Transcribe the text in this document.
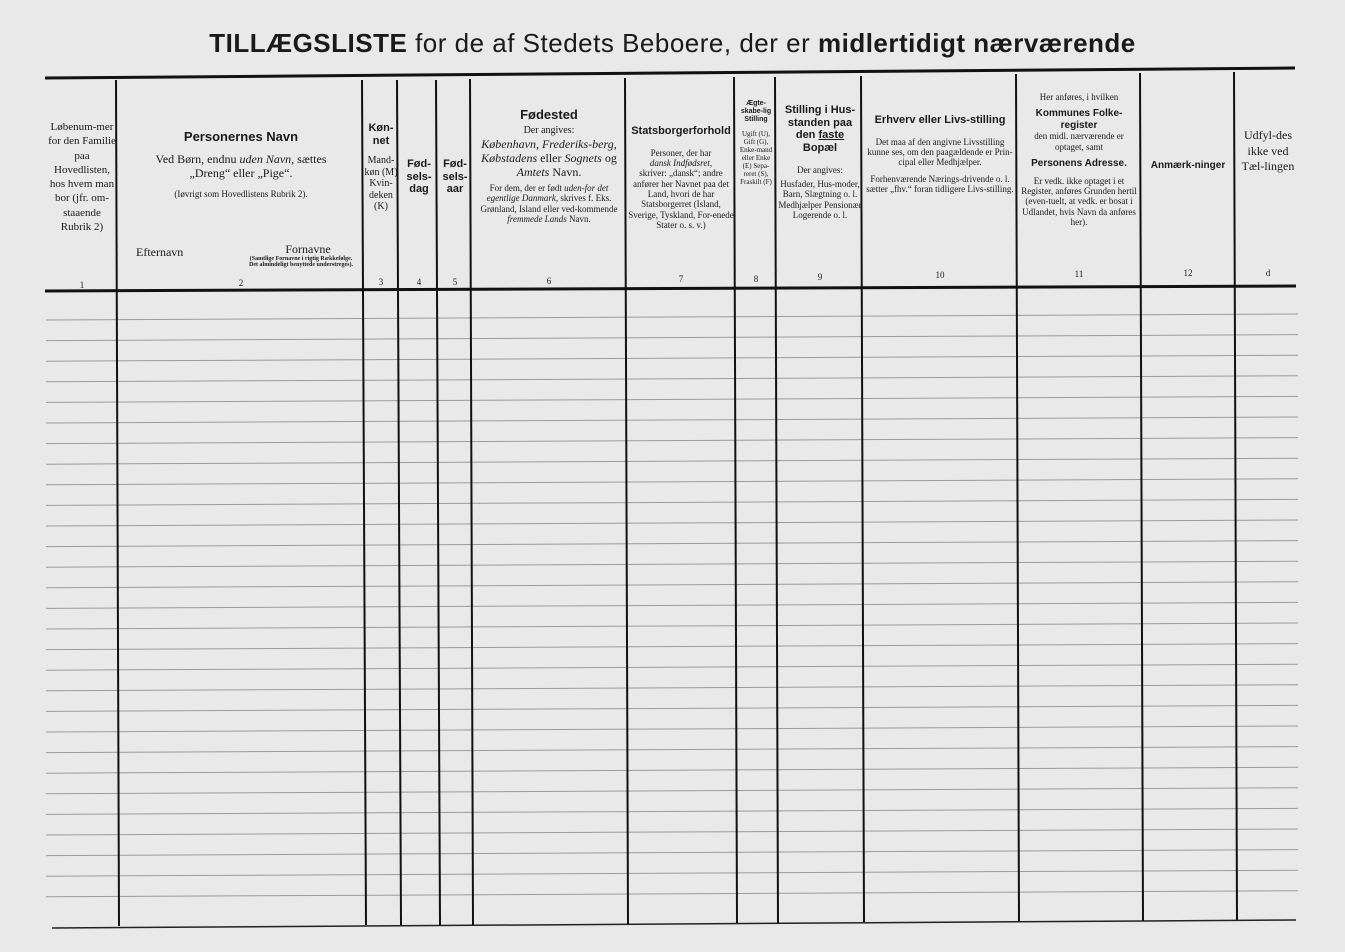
TILLÆGSLISTE for de af Stedets Beboere, der er midlertidigt nærværende
Løbenum-mer for den Familie paa Hovedlisten, hos hvem man bor (jfr. om-staaende Rubrik 2)
1
Personernes Navn
Ved Børn, endnu uden Navn, sættes
„Dreng“ eller „Pige“.
(Iøvrigt som Hovedlistens Rubrik 2).
Efternavn	Fornavne
(Samtlige Fornavne i rigtig Rækkefølge. Det almindeligt benyttede understreges).
2
Køn-net
Mand-køn (M) Kvin-deken (K)
3
Fød-sels-dag
4
Fød-sels-aar
5
Fødested
Der angives:
København, Frederiks-berg, Købstadens eller Sognets og Amtets Navn.
For dem, der er født uden-for det egentlige Danmark, skrives f. Eks.
Grønland, Island eller ved-kommende fremmede Lands Navn.
6
Statsborgerforhold
Personer, der har
dansk Indfødsret,
skriver: „dansk“; andre anfører her Navnet paa det Land, hvori de har Statsborgerret (Island, Sverige, Tyskland, For-enede Stater o. s. v.)
7
Ægte-skabe-lig Stilling
Ugift (U), Gift (G), Enke-mand eller Enke (E) Sepa-reret (S), Fraskilt (F)
8
Stilling i Hus-standen paa den faste Bopæl
Der angives:
Husfader, Hus-moder, Barn, Slægtning o. l. Medhjælper Pensionær Logerende o. l.
9
Erhverv eller Livs-stilling
Det maa af den angivne Livsstilling kunne ses, om den paagældende er Prin-cipal eller Medhjælper.
Forhenværende Nærings-drivende o. l. sætter „fhv.“ foran tidligere Livs-stilling.
10
Her anføres, i hvilken
Kommunes Folke-register
den midl. nærværende er optaget, samt
Personens Adresse.
Er vedk. ikke optaget i et Register, anføres Grunden hertil (even-tuelt, at vedk. er bosat i Udlandet, hvis Navn da anføres her).
11
Anmærk-ninger
12
Udfyl-des ikke ved Tæl-lingen
d
